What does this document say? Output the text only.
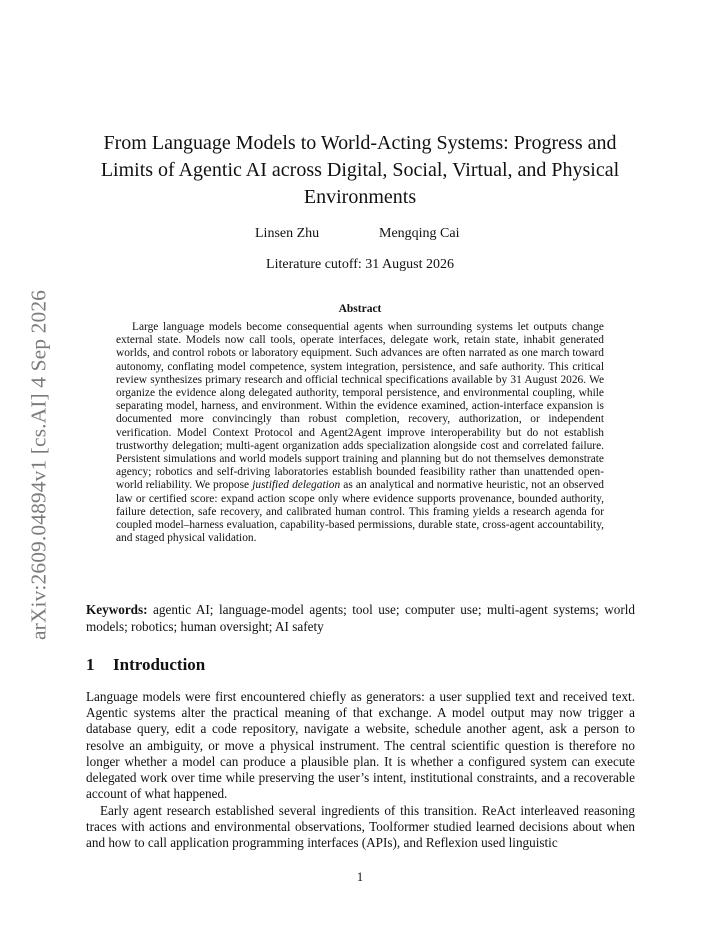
arXiv:2609.04894v1 [cs.AI] 4 Sep 2026
From Language Models to World-Acting Systems: Progress and Limits of Agentic AI across Digital, Social, Virtual, and Physical Environments
Linsen Zhu	Mengqing Cai
Literature cutoff: 31 August 2026
Abstract

Large language models become consequential agents when surrounding systems let outputs change external state. Models now call tools, operate interfaces, delegate work, retain state, inhabit generated worlds, and control robots or laboratory equipment. Such advances are often narrated as one march toward autonomy, conflating model competence, system integration, persistence, and safe authority. This critical review synthesizes primary research and official technical specifications available by 31 August 2026. We organize the evidence along delegated authority, temporal persistence, and environmental coupling, while separating model, harness, and environment. Within the evidence examined, action-interface expansion is documented more convincingly than robust completion, recovery, authorization, or independent verification. Model Context Protocol and Agent2Agent improve interoperability but do not establish trustworthy delegation; multi-agent organization adds specialization alongside cost and correlated failure. Persistent simulations and world models support training and planning but do not themselves demonstrate agency; robotics and self-driving laboratories establish bounded feasibility rather than unattended open-world reliability. We propose justified delegation as an analytical and normative heuristic, not an observed law or certified score: expand action scope only where evidence supports provenance, bounded authority, failure detection, safe recovery, and calibrated human control. This framing yields a research agenda for coupled model–harness evaluation, capability-based permissions, durable state, cross-agent accountability, and staged physical validation.

Keywords: agentic AI; language-model agents; tool use; computer use; multi-agent systems; world models; robotics; human oversight; AI safety

1 Introduction

Language models were first encountered chiefly as generators: a user supplied text and received text. Agentic systems alter the practical meaning of that exchange. A model output may now trigger a database query, edit a code repository, navigate a website, schedule another agent, ask a person to resolve an ambiguity, or move a physical instrument. The central scientific question is therefore no longer whether a model can produce a plausible plan. It is whether a configured system can execute delegated work over time while preserving the user’s intent, institutional constraints, and a recoverable account of what happened.

Early agent research established several ingredients of this transition. ReAct interleaved reasoning traces with actions and environmental observations, Toolformer studied learned decisions about when and how to call application programming interfaces (APIs), and Reflexion used linguistic

1
